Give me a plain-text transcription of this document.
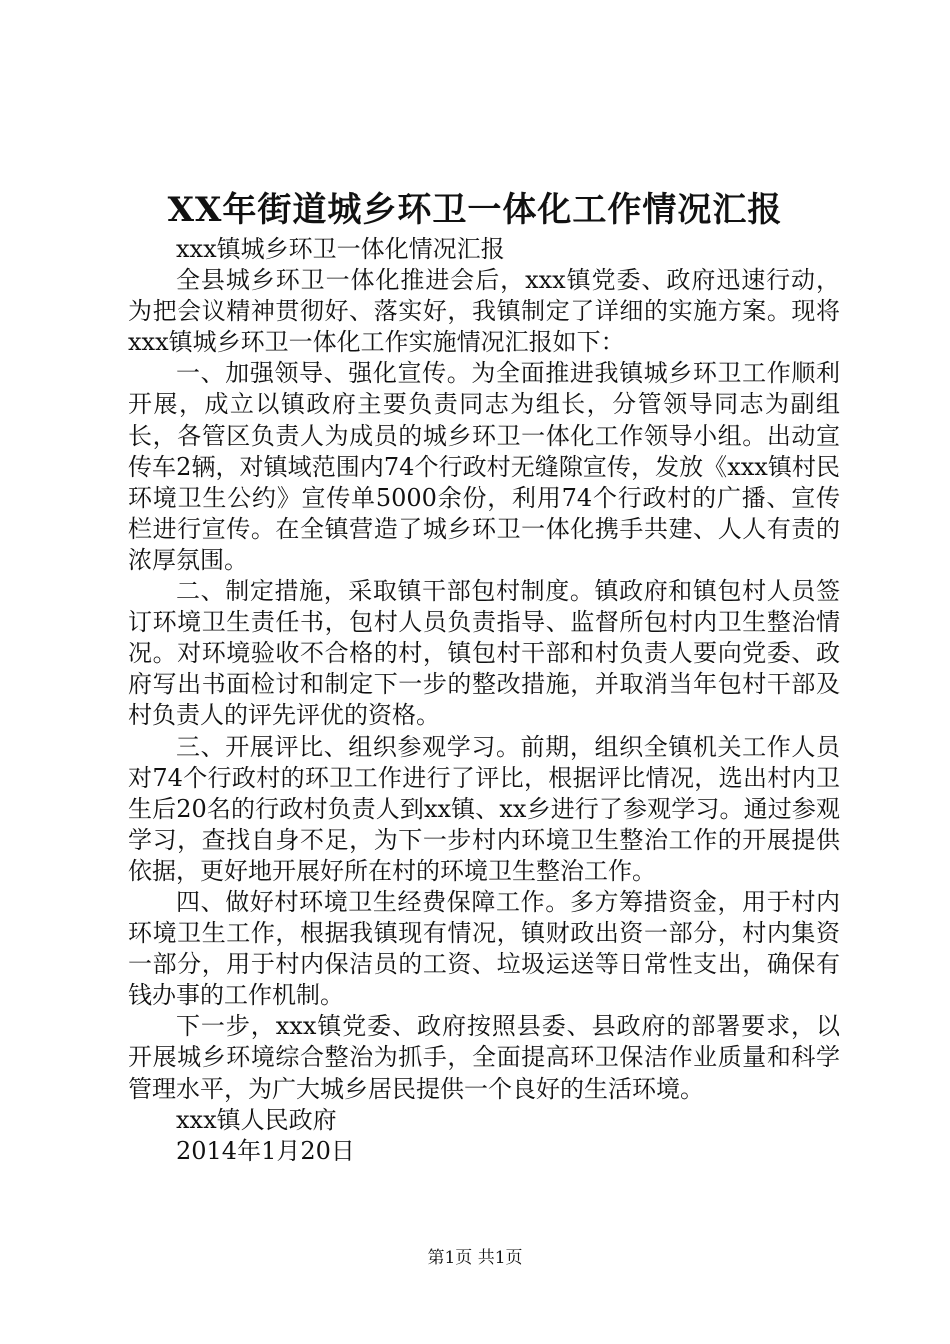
XX年街道城乡环卫一体化工作情况汇报

xxx镇城乡环卫一体化情况汇报

全县城乡环卫一体化推进会后，xxx镇党委、政府迅速行动，为把会议精神贯彻好、落实好，我镇制定了详细的实施方案。现将xxx镇城乡环卫一体化工作实施情况汇报如下：

一、加强领导、强化宣传。为全面推进我镇城乡环卫工作顺利开展，成立以镇政府主要负责同志为组长，分管领导同志为副组长，各管区负责人为成员的城乡环卫一体化工作领导小组。出动宣传车2辆，对镇域范围内74个行政村无缝隙宣传，发放《xxx镇村民环境卫生公约》宣传单5000余份，利用74个行政村的广播、宣传栏进行宣传。在全镇营造了城乡环卫一体化携手共建、人人有责的浓厚氛围。

二、制定措施，采取镇干部包村制度。镇政府和镇包村人员签订环境卫生责任书，包村人员负责指导、监督所包村内卫生整治情况。对环境验收不合格的村，镇包村干部和村负责人要向党委、政府写出书面检讨和制定下一步的整改措施，并取消当年包村干部及村负责人的评先评优的资格。

三、开展评比、组织参观学习。前期，组织全镇机关工作人员对74个行政村的环卫工作进行了评比，根据评比情况，选出村内卫生后20名的行政村负责人到xx镇、xx乡进行了参观学习。通过参观学习，查找自身不足，为下一步村内环境卫生整治工作的开展提供依据，更好地开展好所在村的环境卫生整治工作。

四、做好村环境卫生经费保障工作。多方筹措资金，用于村内环境卫生工作，根据我镇现有情况，镇财政出资一部分，村内集资一部分，用于村内保洁员的工资、垃圾运送等日常性支出，确保有钱办事的工作机制。

下一步，xxx镇党委、政府按照县委、县政府的部署要求，以开展城乡环境综合整治为抓手，全面提高环卫保洁作业质量和科学管理水平，为广大城乡居民提供一个良好的生活环境。

xxx镇人民政府

2014年1月20日

第1页 共1页
